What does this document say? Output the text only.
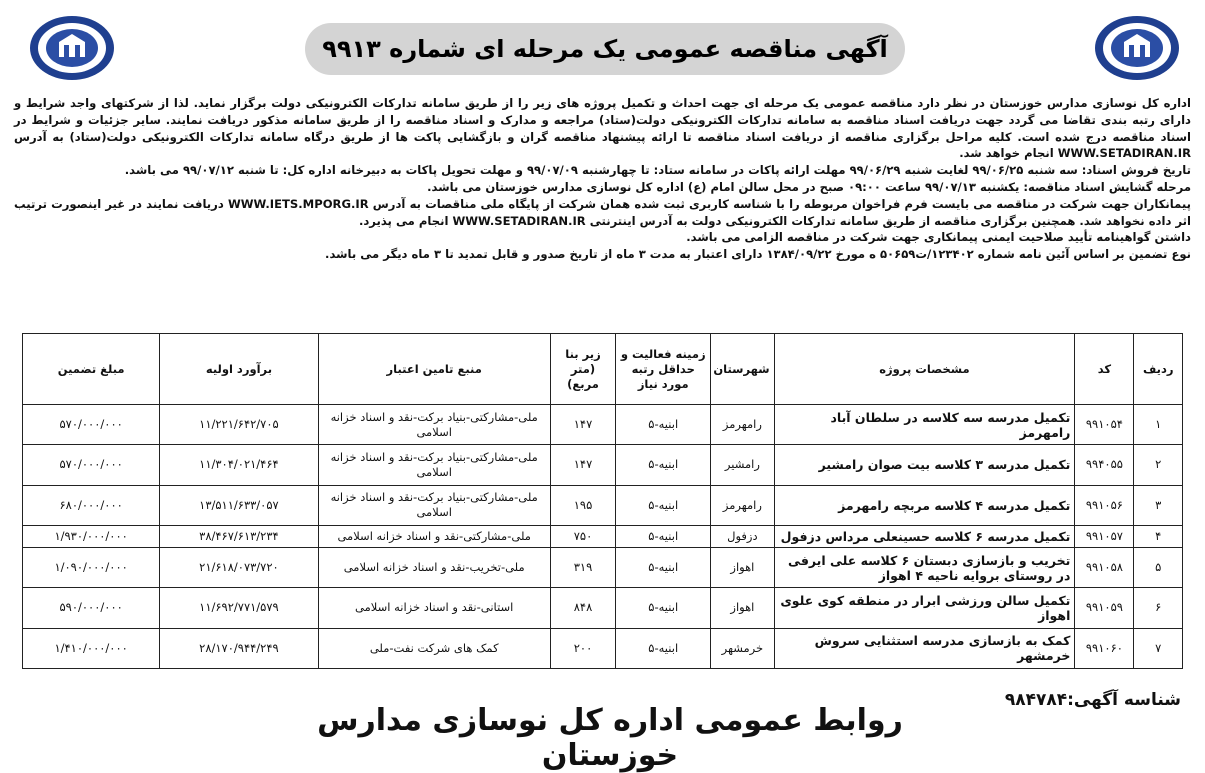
آگهی مناقصه عمومی یک مرحله ای شماره ۹۹۱۳

اداره کل نوسازی مدارس خوزستان در نظر دارد مناقصه عمومی یک مرحله ای جهت احداث و تکمیل پروژه های زیر را از طریق سامانه تدارکات الکترونیکی دولت برگزار نماید. لذا از شرکتهای واجد شرایط و دارای رتبه بندی تقاضا می گردد جهت دریافت اسناد مناقصه به سامانه تدارکات الکترونیکی دولت(ستاد) مراجعه و مدارک و اسناد مناقصه را از طریق سامانه مذکور دریافت نمایند. سایر جزئیات و شرایط در اسناد مناقصه درج شده است. کلیه مراحل برگزاری مناقصه از دریافت اسناد مناقصه تا ارائه پیشنهاد مناقصه گران و بازگشایی پاکت ها از طریق درگاه سامانه تدارکات الکترونیکی دولت(ستاد) به آدرس WWW.SETADIRAN.IR انجام خواهد شد.

تاریخ فروش اسناد: سه شنبه ۹۹/۰۶/۲۵ لغایت شنبه ۹۹/۰۶/۲۹ مهلت ارائه پاکات در سامانه ستاد: تا چهارشنبه ۹۹/۰۷/۰۹ و مهلت تحویل پاکات به دبیرخانه اداره کل: تا شنبه ۹۹/۰۷/۱۲ می باشد.

مرحله گشایش اسناد مناقصه: یکشنبه ۹۹/۰۷/۱۳ ساعت ۰۹:۰۰ صبح در محل سالن امام (ع) اداره کل نوسازی مدارس خوزستان می باشد.

پیمانکاران جهت شرکت در مناقصه می بایست فرم فراخوان مربوطه را با شناسه کاربری ثبت شده همان شرکت از پایگاه ملی مناقصات به آدرس WWW.IETS.MPORG.IR دریافت نمایند در غیر اینصورت ترتیب اثر داده نخواهد شد. همچنین برگزاری مناقصه از طریق سامانه تدارکات الکترونیکی دولت به آدرس اینترنتی WWW.SETADIRAN.IR انجام می پذیرد.

داشتن گواهینامه تأیید صلاحیت ایمنی پیمانکاری جهت شرکت در مناقصه الزامی می باشد.

نوع تضمین بر اساس آئین نامه شماره ۱۲۳۴۰۲/ت۵۰۶۵۹ ه مورخ ۱۳۸۴/۰۹/۲۲ دارای اعتبار به مدت ۳ ماه از تاریخ صدور و قابل تمدید تا ۳ ماه دیگر می باشد.

ردیف	کد	مشخصات پروژه	شهرستان	زمینه فعالیت و حداقل رتبه مورد نیاز	زیر بنا (متر مربع)	منبع تامین اعتبار	برآورد اولیه	مبلغ تضمین
۱	۹۹۱۰۵۴	تکمیل مدرسه سه کلاسه در سلطان آباد رامهرمز	رامهرمز	ابنیه-۵	۱۴۷	ملی-مشارکتی-بنیاد برکت-نقد و اسناد خزانه اسلامی	۱۱/۲۲۱/۶۴۲/۷۰۵	۵۷۰/۰۰۰/۰۰۰
۲	۹۹۴۰۵۵	تکمیل مدرسه ۳ کلاسه بیت صوان رامشیر	رامشیر	ابنیه-۵	۱۴۷	ملی-مشارکتی-بنیاد برکت-نقد و اسناد خزانه اسلامی	۱۱/۳۰۴/۰۲۱/۴۶۴	۵۷۰/۰۰۰/۰۰۰
۳	۹۹۱۰۵۶	تکمیل مدرسه ۴ کلاسه مربچه رامهرمز	رامهرمز	ابنیه-۵	۱۹۵	ملی-مشارکتی-بنیاد برکت-نقد و اسناد خزانه اسلامی	۱۳/۵۱۱/۶۳۳/۰۵۷	۶۸۰/۰۰۰/۰۰۰
۴	۹۹۱۰۵۷	تکمیل مدرسه ۶ کلاسه حسینعلی مرداس دزفول	دزفول	ابنیه-۵	۷۵۰	ملی-مشارکتی-نقد و اسناد خزانه اسلامی	۳۸/۴۶۷/۶۱۳/۲۳۴	۱/۹۳۰/۰۰۰/۰۰۰
۵	۹۹۱۰۵۸	تخریب و بازسازی دبستان ۶ کلاسه علی ایرفی در روستای بروایه ناحیه ۴ اهواز	اهواز	ابنیه-۵	۳۱۹	ملی-تخریب-نقد و اسناد خزانه اسلامی	۲۱/۶۱۸/۰۷۳/۷۲۰	۱/۰۹۰/۰۰۰/۰۰۰
۶	۹۹۱۰۵۹	تکمیل سالن ورزشی ابرار در منطقه کوی علوی اهواز	اهواز	ابنیه-۵	۸۴۸	استانی-نقد و اسناد خزانه اسلامی	۱۱/۶۹۲/۷۷۱/۵۷۹	۵۹۰/۰۰۰/۰۰۰
۷	۹۹۱۰۶۰	کمک به بازسازی مدرسه استثنایی سروش خرمشهر	خرمشهر	ابنیه-۵	۲۰۰	کمک های شرکت نفت-ملی	۲۸/۱۷۰/۹۴۴/۲۴۹	۱/۴۱۰/۰۰۰/۰۰۰
شناسه آگهی:۹۸۴۷۸۴
روابط عمومی اداره کل نوسازی مدارس خوزستان
